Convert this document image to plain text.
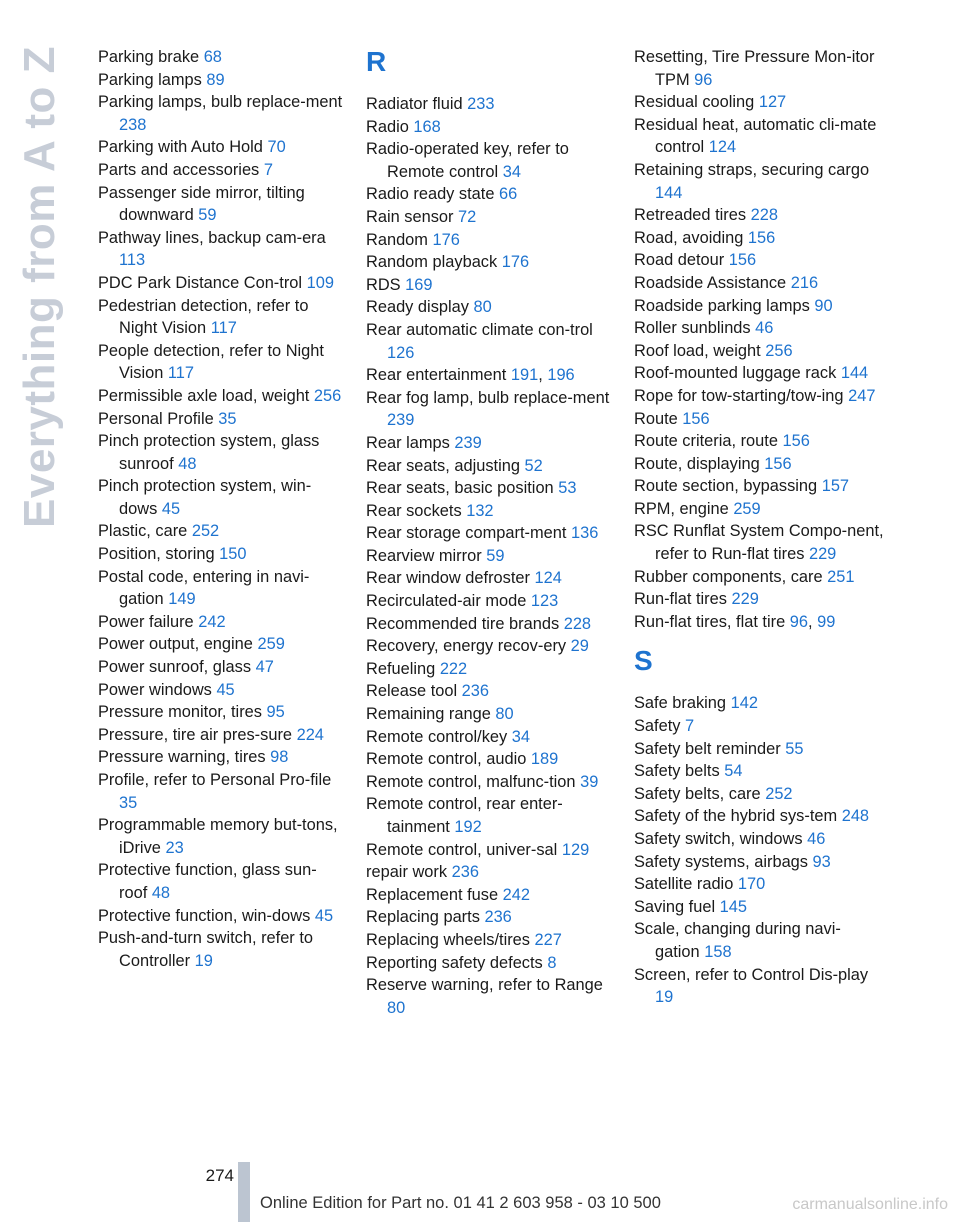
Everything from A to Z	Parking brake 68
Parking lamps 89
Parking lamps, bulb replace-ment 238
Parking with Auto Hold 70
Parts and accessories 7
Passenger side mirror, tilting downward 59
Pathway lines, backup cam-era 113
PDC Park Distance Con-trol 109
Pedestrian detection, refer to Night Vision 117
People detection, refer to Night Vision 117
Permissible axle load, weight 256
Personal Profile 35
Pinch protection system, glass sunroof 48
Pinch protection system, win-dows 45
Plastic, care 252
Position, storing 150
Postal code, entering in navi-gation 149
Power failure 242
Power output, engine 259
Power sunroof, glass 47
Power windows 45
Pressure monitor, tires 95
Pressure, tire air pres-sure 224
Pressure warning, tires 98
Profile, refer to Personal Pro-file 35
Programmable memory but-tons, iDrive 23
Protective function, glass sun-roof 48
Protective function, win-dows 45
Push-and-turn switch, refer to Controller 19
R
Radiator fluid 233
Radio 168
Radio-operated key, refer to Remote control 34
Radio ready state 66
Rain sensor 72
Random 176
Random playback 176
RDS 169
Ready display 80
Rear automatic climate con-trol 126
Rear entertainment 191, 196
Rear fog lamp, bulb replace-ment 239
Rear lamps 239
Rear seats, adjusting 52
Rear seats, basic position 53
Rear sockets 132
Rear storage compart-ment 136
Rearview mirror 59
Rear window defroster 124
Recirculated-air mode 123
Recommended tire brands 228
Recovery, energy recov-ery 29
Refueling 222
Release tool 236
Remaining range 80
Remote control/key 34
Remote control, audio 189
Remote control, malfunc-tion 39
Remote control, rear enter-tainment 192
Remote control, univer-sal 129
repair work 236
Replacement fuse 242
Replacing parts 236
Replacing wheels/tires 227
Reporting safety defects 8
Reserve warning, refer to Range 80
Resetting, Tire Pressure Mon-itor TPM 96
Residual cooling 127
Residual heat, automatic cli-mate control 124
Retaining straps, securing cargo 144
Retreaded tires 228
Road, avoiding 156
Road detour 156
Roadside Assistance 216
Roadside parking lamps 90
Roller sunblinds 46
Roof load, weight 256
Roof-mounted luggage rack 144
Rope for tow-starting/tow-ing 247
Route 156
Route criteria, route 156
Route, displaying 156
Route section, bypassing 157
RPM, engine 259
RSC Runflat System Compo-nent, refer to Run-flat tires 229
Rubber components, care 251
Run-flat tires 229
Run-flat tires, flat tire 96, 99
S
Safe braking 142
Safety 7
Safety belt reminder 55
Safety belts 54
Safety belts, care 252
Safety of the hybrid sys-tem 248
Safety switch, windows 46
Safety systems, airbags 93
Satellite radio 170
Saving fuel 145
Scale, changing during navi-gation 158
Screen, refer to Control Dis-play 19
274
Online Edition for Part no. 01 41 2 603 958 - 03 10 500	carmanualsonline.info
